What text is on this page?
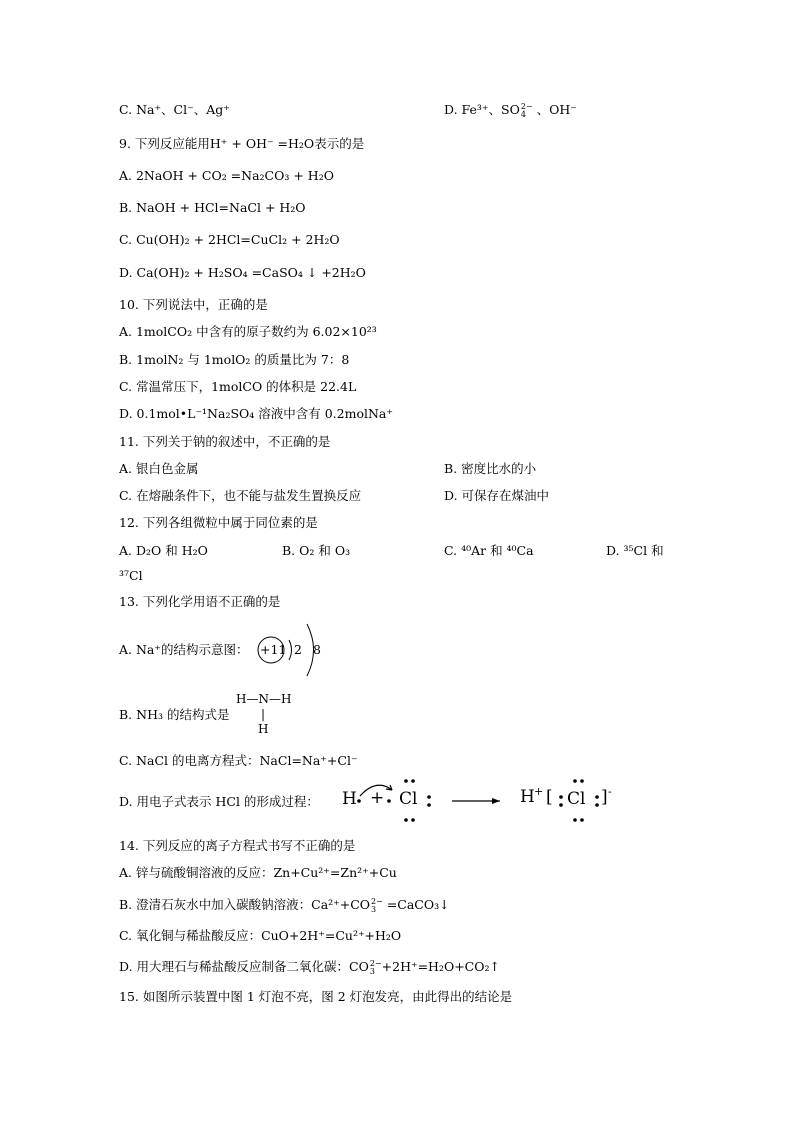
C. Na⁺、Cl⁻、Ag⁺	D. Fe³⁺、SO 2−
4 、OH⁻
9. 下列反应能用H⁺ + OH⁻ =H₂O表示的是
A. 2NaOH + CO₂ =Na₂CO₃ + H₂O
B. NaOH + HCl=NaCl + H₂O
C. Cu(OH)₂ + 2HCl=CuCl₂ + 2H₂O
D. Ca(OH)₂ + H₂SO₄ =CaSO₄ ↓ +2H₂O
10. 下列说法中，正确的是
A. 1molCO₂ 中含有的原子数约为 6.02×10²³
B. 1molN₂ 与 1molO₂ 的质量比为 7：8
C. 常温常压下，1molCO 的体积是 22.4L
D. 0.1mol•L⁻¹Na₂SO₄ 溶液中含有 0.2molNa⁺
11. 下列关于钠的叙述中，不正确的是
A. 银白色金属	B. 密度比水的小
C. 在熔融条件下，也不能与盐发生置换反应	D. 可保存在煤油中
12. 下列各组微粒中属于同位素的是
A. D₂O 和 H₂O	B. O₂ 和 O₃	C. ⁴⁰Ar 和 ⁴⁰Ca	D. ³⁵Cl 和
³⁷Cl
13. 下列化学用语不正确的是
A. Na⁺的结构示意图： +11 2 8
B. NH₃ 的结构式是
H—N—H
|
H
C. NaCl 的电离方程式：NaCl=Na⁺+Cl⁻
D. 用电子式表示 HCl 的形成过程： H + Cl	H + [ Cl ] -
14. 下列反应的离子方程式书写不正确的是
A. 锌与硫酸铜溶液的反应：Zn+Cu²⁺=Zn²⁺+Cu
B. 澄清石灰水中加入碳酸钠溶液：Ca²⁺+CO 2−
3 =CaCO₃↓
C. 氧化铜与稀盐酸反应：CuO+2H⁺=Cu²⁺+H₂O
D. 用大理石与稀盐酸反应制备二氧化碳：CO 2−
3 +2H⁺=H₂O+CO₂↑
15. 如图所示装置中图 1 灯泡不亮，图 2 灯泡发亮，由此得出的结论是
